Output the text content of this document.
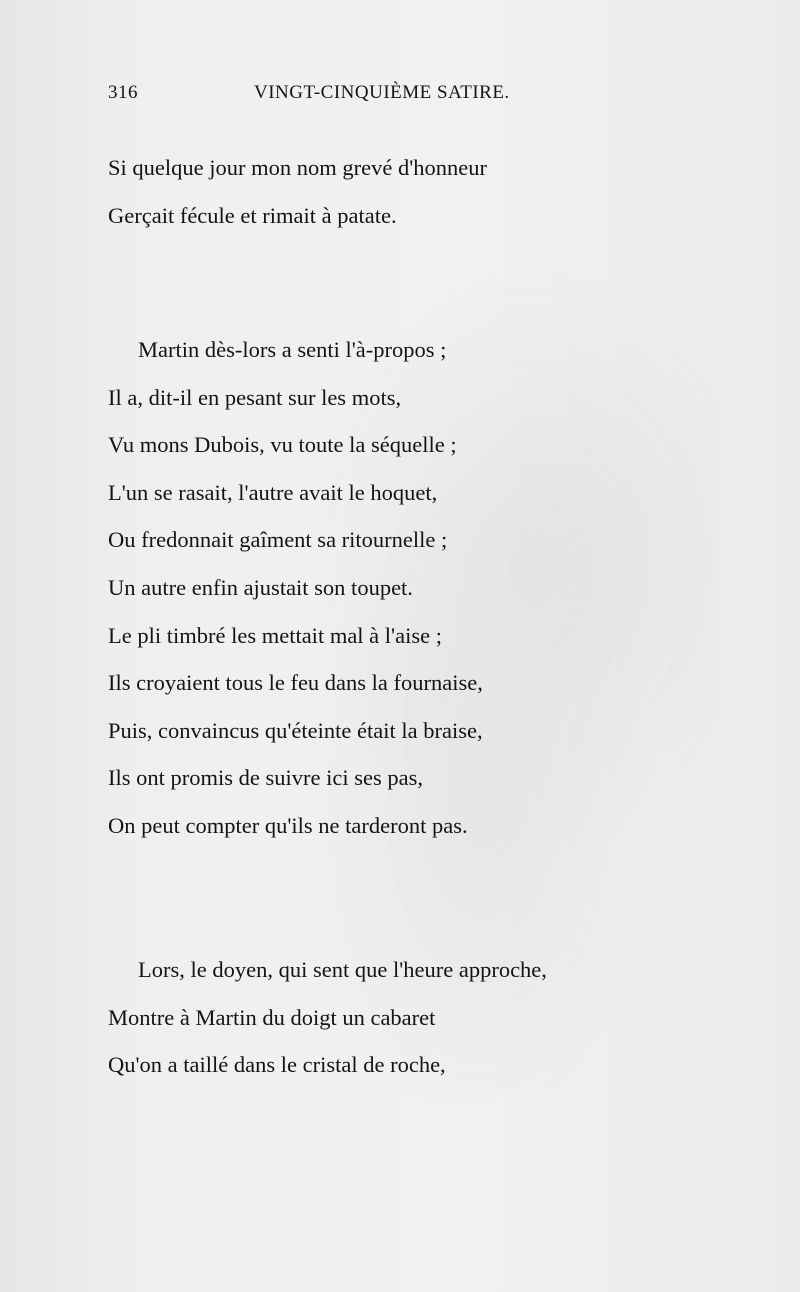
316	VINGT-CINQUIÈME SATIRE.
Si quelque jour mon nom grevé d'honneur
Gerçait fécule et rimait à patate.
Martin dès-lors a senti l'à-propos ;
Il a, dit-il en pesant sur les mots,
Vu mons Dubois, vu toute la séquelle ;
L'un se rasait, l'autre avait le hoquet,
Ou fredonnait gaîment sa ritournelle ;
Un autre enfin ajustait son toupet.
Le pli timbré les mettait mal à l'aise ;
Ils croyaient tous le feu dans la fournaise,
Puis, convaincus qu'éteinte était la braise,
Ils ont promis de suivre ici ses pas,
On peut compter qu'ils ne tarderont pas.
Lors, le doyen, qui sent que l'heure approche,
Montre à Martin du doigt un cabaret
Qu'on a taillé dans le cristal de roche,
